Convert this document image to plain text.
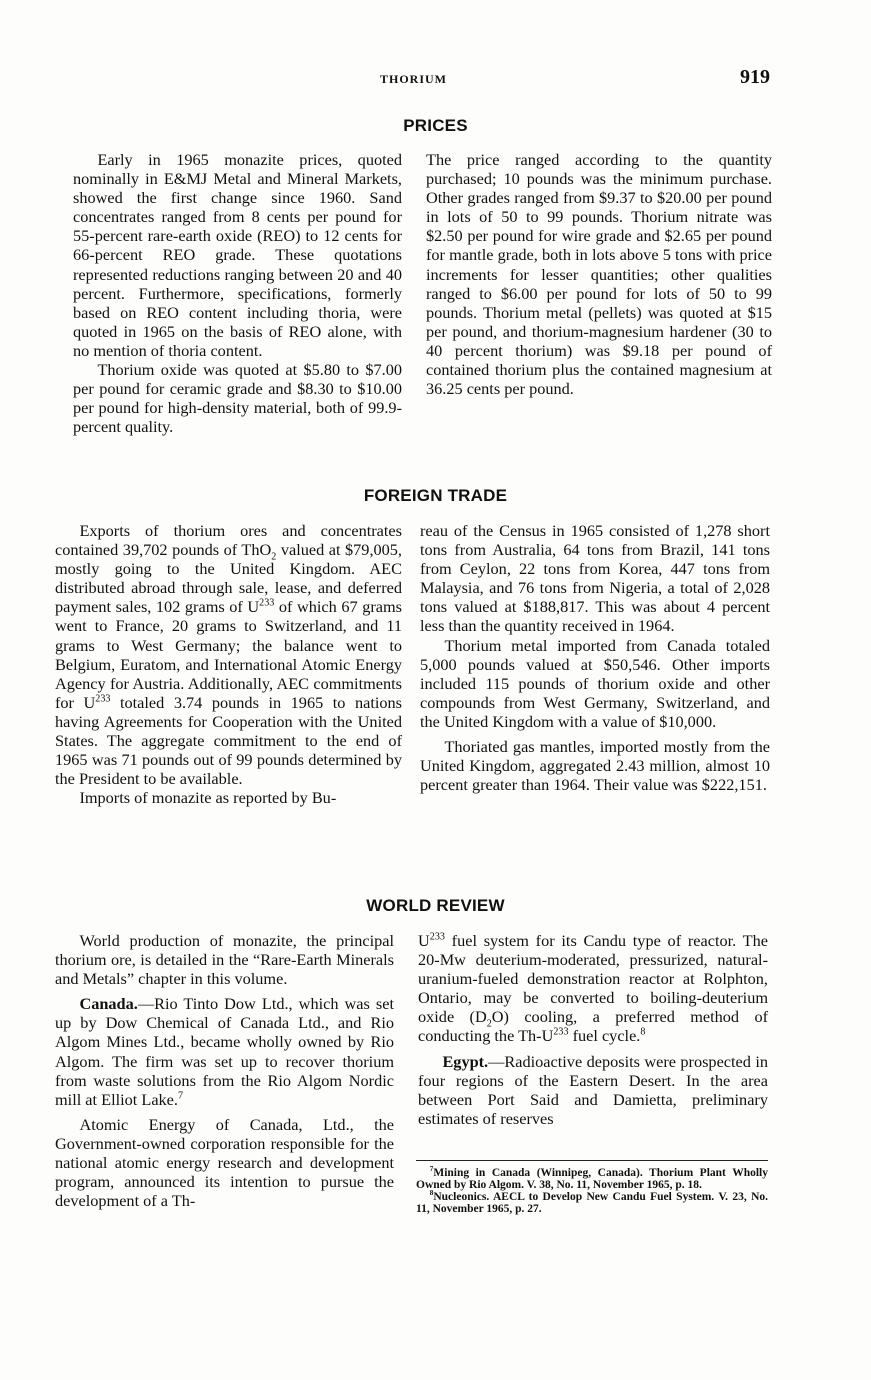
THORIUM	919
PRICES

Early in 1965 monazite prices, quoted nominally in E&MJ Metal and Mineral Markets, showed the first change since 1960. Sand concentrates ranged from 8 cents per pound for 55-percent rare-earth oxide (REO) to 12 cents for 66-percent REO grade. These quotations represented reductions ranging between 20 and 40 percent. Furthermore, specifications, formerly based on REO content including thoria, were quoted in 1965 on the basis of REO alone, with no mention of thoria content.

Thorium oxide was quoted at $5.80 to $7.00 per pound for ceramic grade and $8.30 to $10.00 per pound for high-density material, both of 99.9-percent quality.

The price ranged according to the quantity purchased; 10 pounds was the minimum purchase. Other grades ranged from $9.37 to $20.00 per pound in lots of 50 to 99 pounds. Thorium nitrate was $2.50 per pound for wire grade and $2.65 per pound for mantle grade, both in lots above 5 tons with price increments for lesser quantities; other qualities ranged to $6.00 per pound for lots of 50 to 99 pounds. Thorium metal (pellets) was quoted at $15 per pound, and thorium-magnesium hardener (30 to 40 percent thorium) was $9.18 per pound of contained thorium plus the contained magnesium at 36.25 cents per pound.

FOREIGN TRADE

Exports of thorium ores and concentrates contained 39,702 pounds of ThO$_2$ valued at $79,005, mostly going to the United Kingdom. AEC distributed abroad through sale, lease, and deferred payment sales, 102 grams of $U^{233}$ of which 67 grams went to France, 20 grams to Switzerland, and 11 grams to West Germany; the balance went to Belgium, Euratom, and International Atomic Energy Agency for Austria. Additionally, AEC commitments for $U^{233}$ totaled 3.74 pounds in 1965 to nations having Agreements for Cooperation with the United States. The aggregate commitment to the end of 1965 was 71 pounds out of 99 pounds determined by the President to be available.

Imports of monazite as reported by Bu-

reau of the Census in 1965 consisted of 1,278 short tons from Australia, 64 tons from Brazil, 141 tons from Ceylon, 22 tons from Korea, 447 tons from Malaysia, and 76 tons from Nigeria, a total of 2,028 tons valued at $188,817. This was about 4 percent less than the quantity received in 1964.

Thorium metal imported from Canada totaled 5,000 pounds valued at $50,546. Other imports included 115 pounds of thorium oxide and other compounds from West Germany, Switzerland, and the United Kingdom with a value of $10,000.

Thoriated gas mantles, imported mostly from the United Kingdom, aggregated 2.43 million, almost 10 percent greater than 1964. Their value was $222,151.

WORLD REVIEW

World production of monazite, the principal thorium ore, is detailed in the “Rare-Earth Minerals and Metals” chapter in this volume.

Canada.—Rio Tinto Dow Ltd., which was set up by Dow Chemical of Canada Ltd., and Rio Algom Mines Ltd., became wholly owned by Rio Algom. The firm was set up to recover thorium from waste solutions from the Rio Algom Nordic mill at Elliot Lake.$^7$

Atomic Energy of Canada, Ltd., the Government-owned corporation responsible for the national atomic energy research and development program, announced its intention to pursue the development of a Th-

$U^{233}$ fuel system for its Candu type of reactor. The 20-Mw deuterium-moderated, pressurized, natural-uranium-fueled demonstration reactor at Rolphton, Ontario, may be converted to boiling-deuterium oxide $(D_2O)$ cooling, a preferred method of conducting the $Th-U^{233}$ fuel cycle.$^8$

Egypt.—Radioactive deposits were prospected in four regions of the Eastern Desert. In the area between Port Said and Damietta, preliminary estimates of reserves

$^7$Mining in Canada (Winnipeg, Canada). Thorium Plant Wholly Owned by Rio Algom. V. 38, No. 11, November 1965, p. 18.

$^8$Nucleonics. AECL to Develop New Candu Fuel System. V. 23, No. 11, November 1965, p. 27.
